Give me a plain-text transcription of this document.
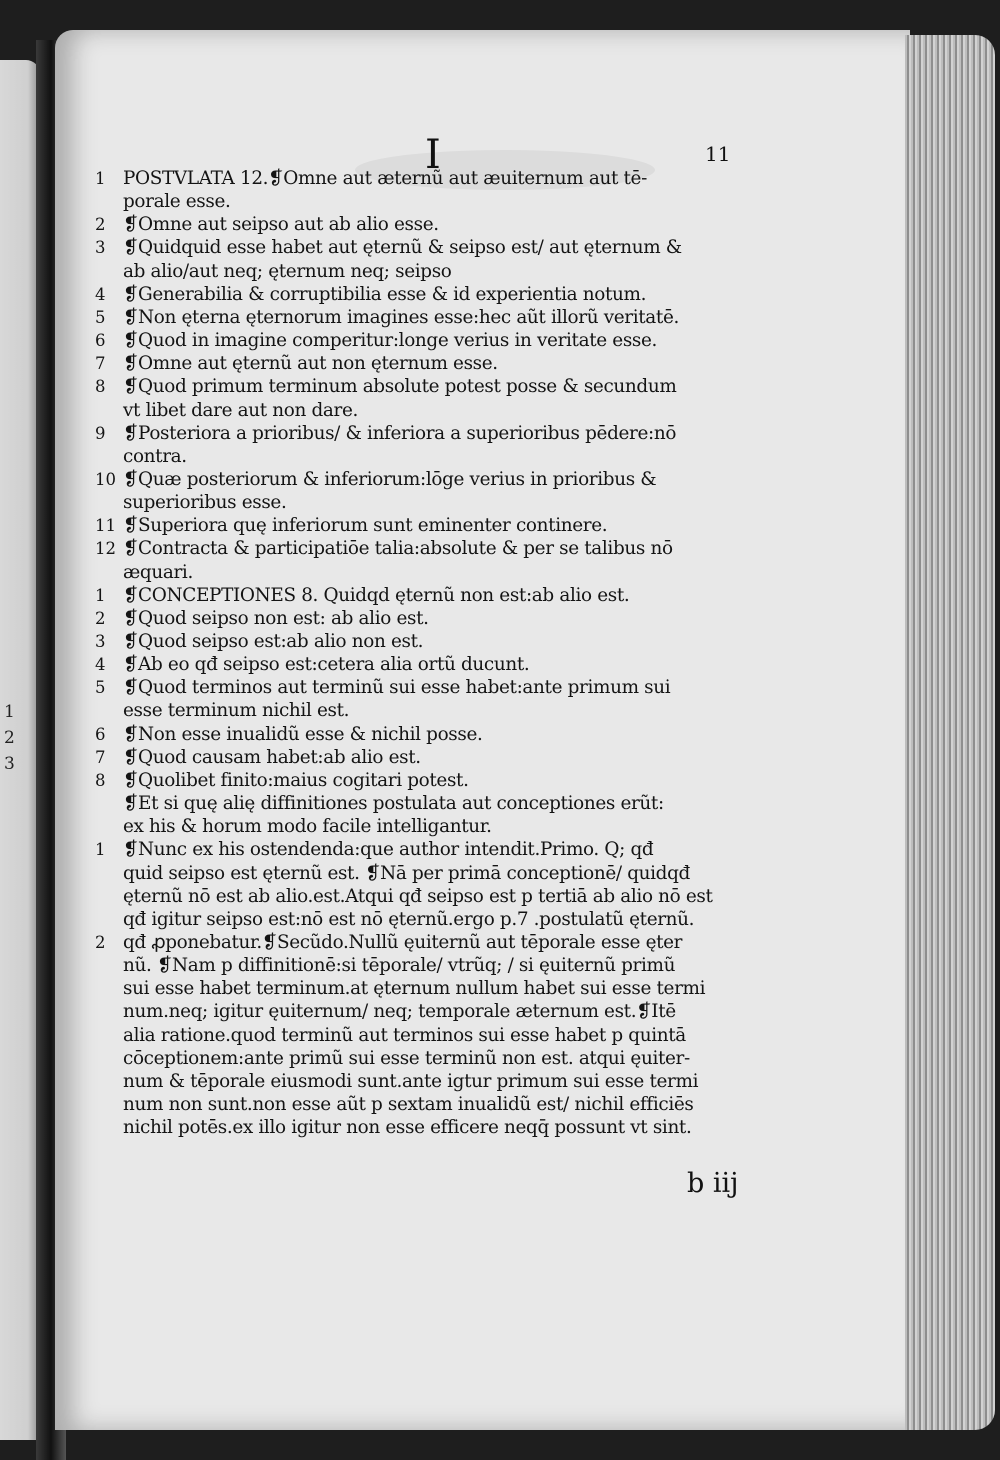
1
2
3
I	11
POSTVLATA 12.❡Omne aut æternũ aut æuiternum aut tē-
porale esse.
❡Omne aut seipso aut ab alio esse.
❡Quidquid esse habet aut ęternũ & seipso est/ aut ęternum &
ab alio/aut neq; ęternum neq; seipso
❡Generabilia & corruptibilia esse & id experientia notum.
❡Non ęterna ęternorum imagines esse:hec aũt illorũ veritatē.
❡Quod in imagine comperitur:longe verius in veritate esse.
❡Omne aut ęternũ aut non ęternum esse.
❡Quod primum terminum absolute potest posse & secundum
vt libet dare aut non dare.
❡Posteriora a prioribus/ & inferiora a superioribus pēdere:nō
contra.
❡Quæ posteriorum & inferiorum:lōge verius in prioribus &
superioribus esse.
❡Superiora quę inferiorum sunt eminenter continere.
❡Contracta & participatiōe talia:absolute & per se talibus nō
æquari.
❡CONCEPTIONES 8. Quidqd ęternũ non est:ab alio est.
❡Quod seipso non est: ab alio est.
❡Quod seipso est:ab alio non est.
❡Ab eo qđ seipso est:cetera alia ortũ ducunt.
❡Quod terminos aut terminũ sui esse habet:ante primum sui
esse terminum nichil est.
❡Non esse inualidũ esse & nichil posse.
❡Quod causam habet:ab alio est.
❡Quolibet finito:maius cogitari potest.
❡Et si quę alię diffinitiones postulata aut conceptiones erũt:
ex his & horum modo facile intelligantur.
❡Nunc ex his ostendenda:que author intendit.Primo. Q; qđ
quid seipso est ęternũ est. ❡Nā per primā conceptionē/ quidqđ
ęternũ nō est ab alio.est.Atqui qđ seipso est p tertiā ab alio nō est
qđ igitur seipso est:nō est nō ęternũ.ergo p.7 .postulatũ ęternũ.
qđ ꝓponebatur.❡Secũdo.Nullũ ęuiternũ aut tēporale esse ęter
nũ. ❡Nam p diffinitionē:si tēporale/ vtrũq; / si ęuiternũ primũ
sui esse habet terminum.at ęternum nullum habet sui esse termi
num.neq; igitur ęuiternum/ neq; temporale æternum est.❡Itē
alia ratione.quod terminũ aut terminos sui esse habet p quintā
cōceptionem:ante primũ sui esse terminũ non est. atqui ęuiter-
num & tēporale eiusmodi sunt.ante igtur primum sui esse termi
num non sunt.non esse aũt p sextam inualidũ est/ nichil efficiēs
nichil potēs.ex illo igitur non esse efficere neqq̄ possunt vt sint.
1
2
3
4
5
6
7
8
9
10
11
12
1
2
3
4
5
6
7
8
1
2
b iij
